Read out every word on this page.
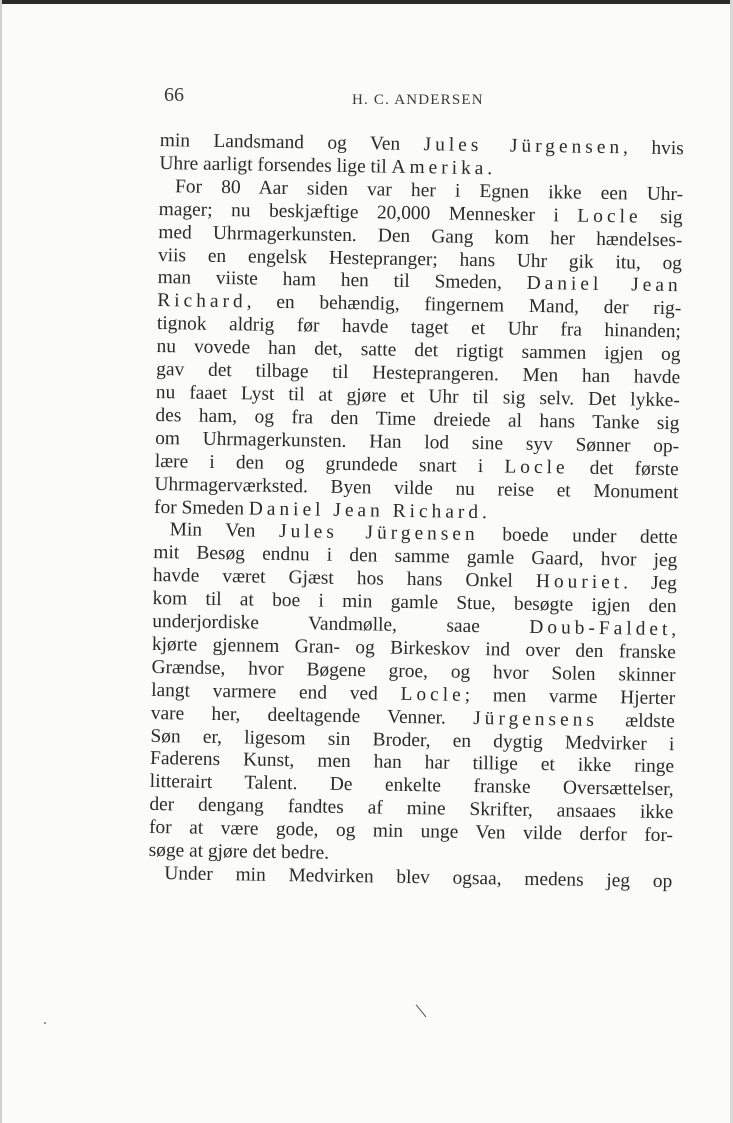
66	H. C. ANDERSEN
min Landsmand og Ven Jules Jürgensen, hvis
Uhre aarligt forsendes lige til Amerika.
For 80 Aar siden var her i Egnen ikke een Uhr-
mager; nu beskjæftige 20,000 Mennesker i Locle sig
med Uhrmagerkunsten. Den Gang kom her hændelses-
viis en engelsk Hestepranger; hans Uhr gik itu, og
man viiste ham hen til Smeden, Daniel Jean
Richard, en behændig, fingernem Mand, der rig-
tignok aldrig før havde taget et Uhr fra hinanden;
nu vovede han det, satte det rigtigt sammen igjen og
gav det tilbage til Hesteprangeren. Men han havde
nu faaet Lyst til at gjøre et Uhr til sig selv. Det lykke-
des ham, og fra den Time dreiede al hans Tanke sig
om Uhrmagerkunsten. Han lod sine syv Sønner op-
lære i den og grundede snart i Locle det første
Uhrmagerværksted. Byen vilde nu reise et Monument
for Smeden Daniel Jean Richard.
Min Ven Jules Jürgensen boede under dette
mit Besøg endnu i den samme gamle Gaard, hvor jeg
havde været Gjæst hos hans Onkel Houriet. Jeg
kom til at boe i min gamle Stue, besøgte igjen den
underjordiske Vandmølle, saae Doub-Faldet,
kjørte gjennem Gran- og Birkeskov ind over den franske
Grændse, hvor Bøgene groe, og hvor Solen skinner
langt varmere end ved Locle; men varme Hjerter
vare her, deeltagende Venner. Jürgensens ældste
Søn er, ligesom sin Broder, en dygtig Medvirker i
Faderens Kunst, men han har tillige et ikke ringe
litterairt Talent. De enkelte franske Oversættelser,
der dengang fandtes af mine Skrifter, ansaaes ikke
for at være gode, og min unge Ven vilde derfor for-
søge at gjøre det bedre.
Under min Medvirken blev ogsaa, medens jeg op
\
